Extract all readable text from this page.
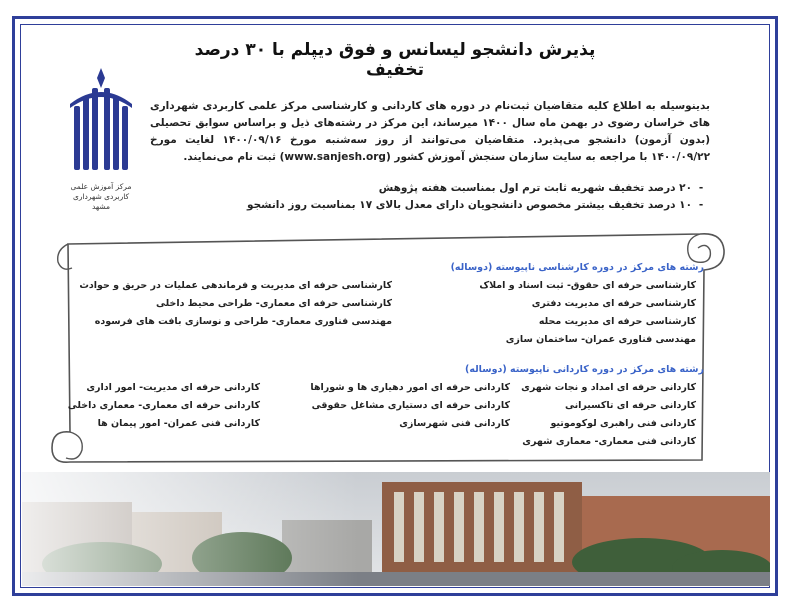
پذیرش دانشجو لیسانس و فوق دیپلم با ۳۰ درصد تخفیف
مرکز آموزش علمی
کاربردی شهرداری
مشهد
بدینوسیله به اطلاع کلیه متقاضیان ثبت‌نام در دوره های کاردانی و کارشناسی مرکز علمی کاربردی شهرداری های خراسان رضوی در بهمن ماه سال ۱۴۰۰ میرساند، این مرکز در رشته‌های ذیل و براساس سوابق تحصیلی (بدون آزمون) دانشجو می‌پذیرد. متقاضیان می‌توانند از روز سه‌شنبه مورخ ۱۴۰۰/۰۹/۱۶ لغایت مورخ ۱۴۰۰/۰۹/۲۲ با مراجعه به سایت سازمان سنجش آموزش کشور (www.sanjesh.org) ثبت نام می‌نمایند.
-۲۰ درصد تخفیف شهریه ثابت ترم اول بمناسبت هفته پژوهش
-۱۰ درصد تخفیف بیشتر مخصوص دانشجویان دارای معدل بالای ۱۷ بمناسبت روز دانشجو
رشته های مرکز در دوره کارشناسی ناپیوسته (دوساله)
کارشناسی حرفه ای حقوق- ثبت اسناد و املاک
کارشناسی حرفه ای مدیریت دفتری
کارشناسی حرفه ای مدیریت محله
مهندسی فناوری عمران- ساختمان سازی
کارشناسی حرفه ای مدیریت و فرماندهی عملیات در حریق و حوادث
کارشناسی حرفه ای معماری- طراحی محیط داخلی
مهندسی فناوری معماری- طراحی و نوسازی بافت های فرسوده
رشته های مرکز در دوره کاردانی ناپیوسته (دوساله)
کاردانی حرفه ای امداد و نجات شهری
کاردانی حرفه ای تاکسیرانی
کاردانی فنی راهبری لوکوموتیو
کاردانی فنی معماری- معماری شهری
کاردانی حرفه ای امور دهیاری ها و شوراها
کاردانی حرفه ای دستیاری مشاغل حقوقی
کاردانی فنی شهرسازی
کاردانی حرفه ای مدیریت- امور اداری
کاردانی حرفه ای معماری- معماری داخلی
کاردانی فنی عمران- امور پیمان ها
